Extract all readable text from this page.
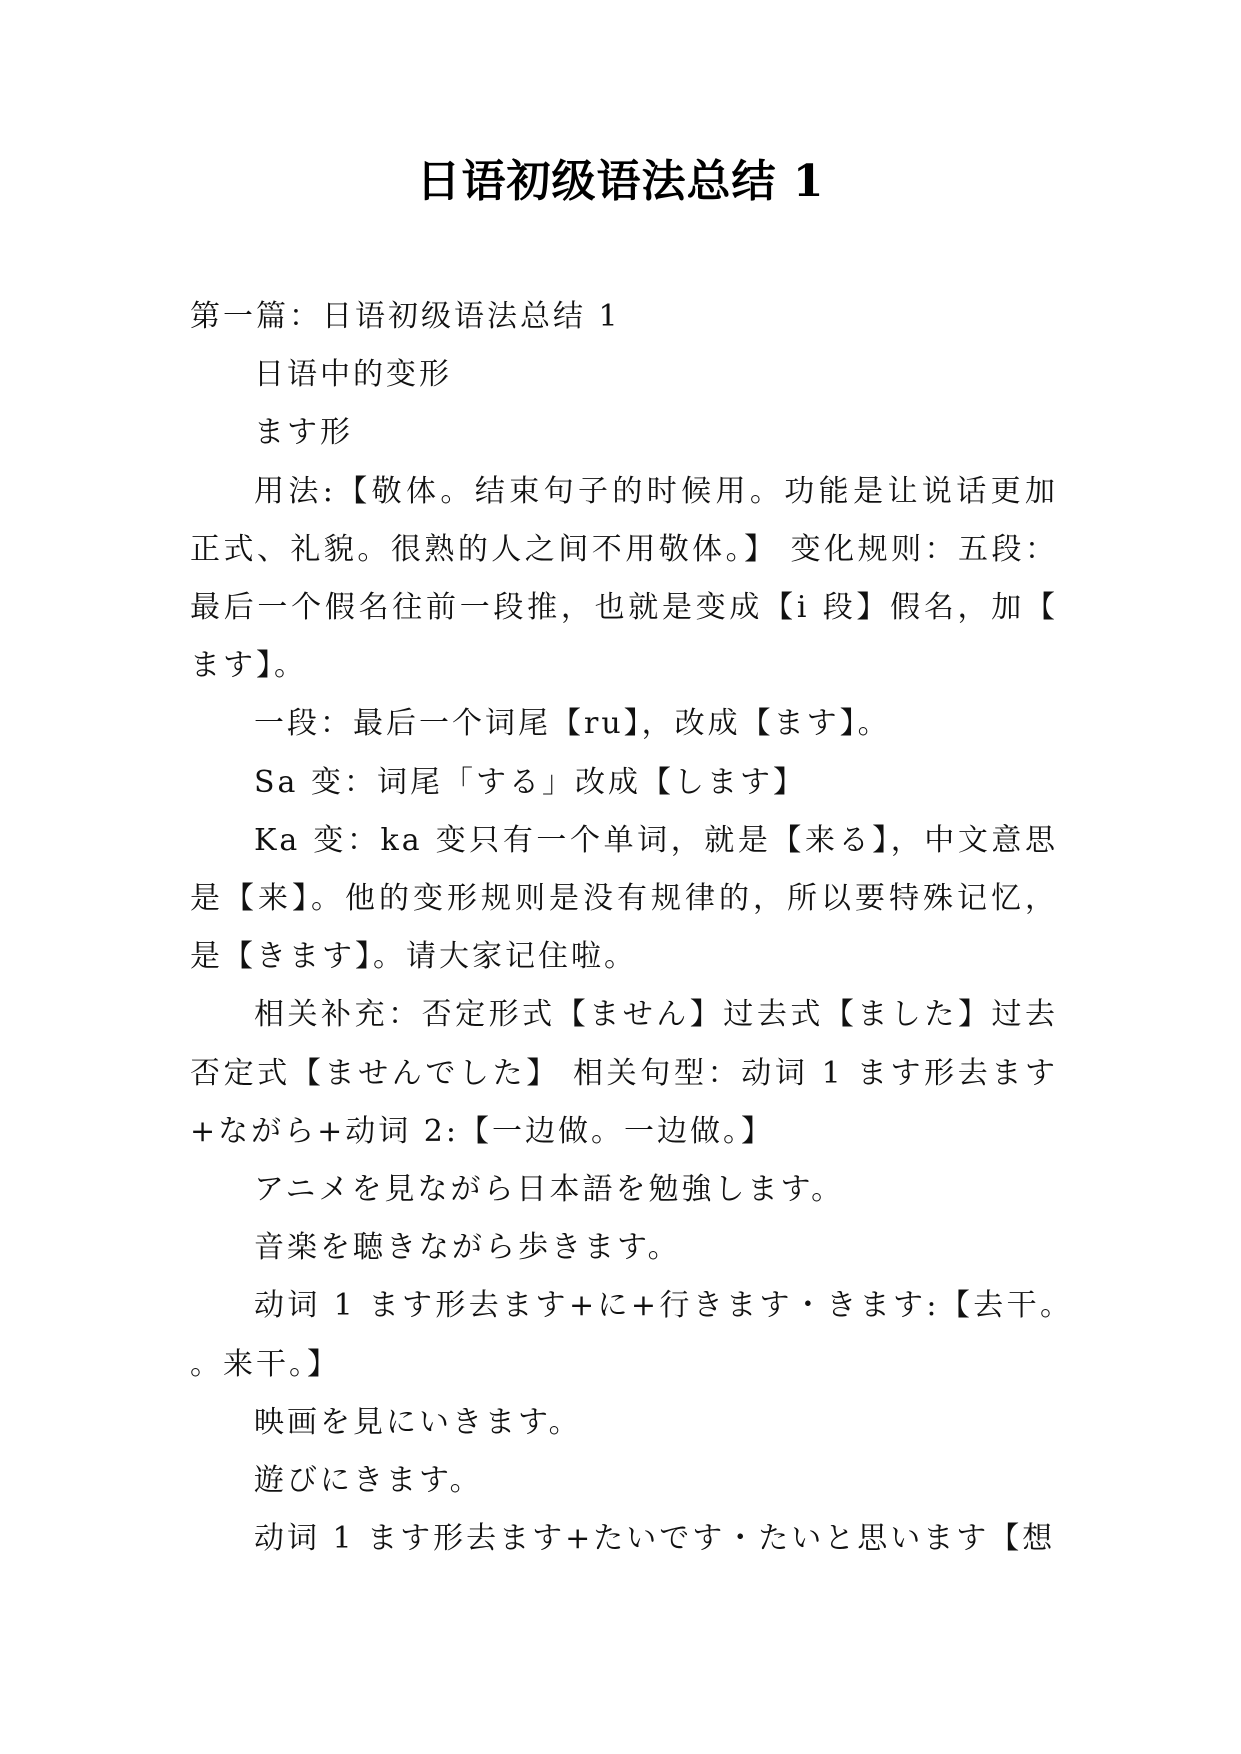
日语初级语法总结 1

第一篇：日语初级语法总结 1

日语中的变形

ます形

用法:【敬体。结束句子的时候用。功能是让说话更加正式、礼貌。很熟的人之间不用敬体。】 变化规则：五段：最后一个假名往前一段推，也就是变成【i 段】假名，加【ます】。

一段：最后一个词尾【ru】，改成【ます】。

Sa 变：词尾「する」改成【します】

Ka 变：ka 变只有一个单词，就是【来る】，中文意思是【来】。他的变形规则是没有规律的，所以要特殊记忆，是【きます】。请大家记住啦。

相关补充：否定形式【ません】过去式【ました】过去否定式【ませんでした】 相关句型：动词 1 ます形去ます+ながら+动词 2:【一边做。一边做。】

アニメを見ながら日本語を勉強します。

音楽を聴きながら歩きます。

动词 1 ます形去ます+に+行きます・きます:【去干。。来干。】

映画を見にいきます。

遊びにきます。

动词 1 ます形去ます+たいです・たいと思います【想
